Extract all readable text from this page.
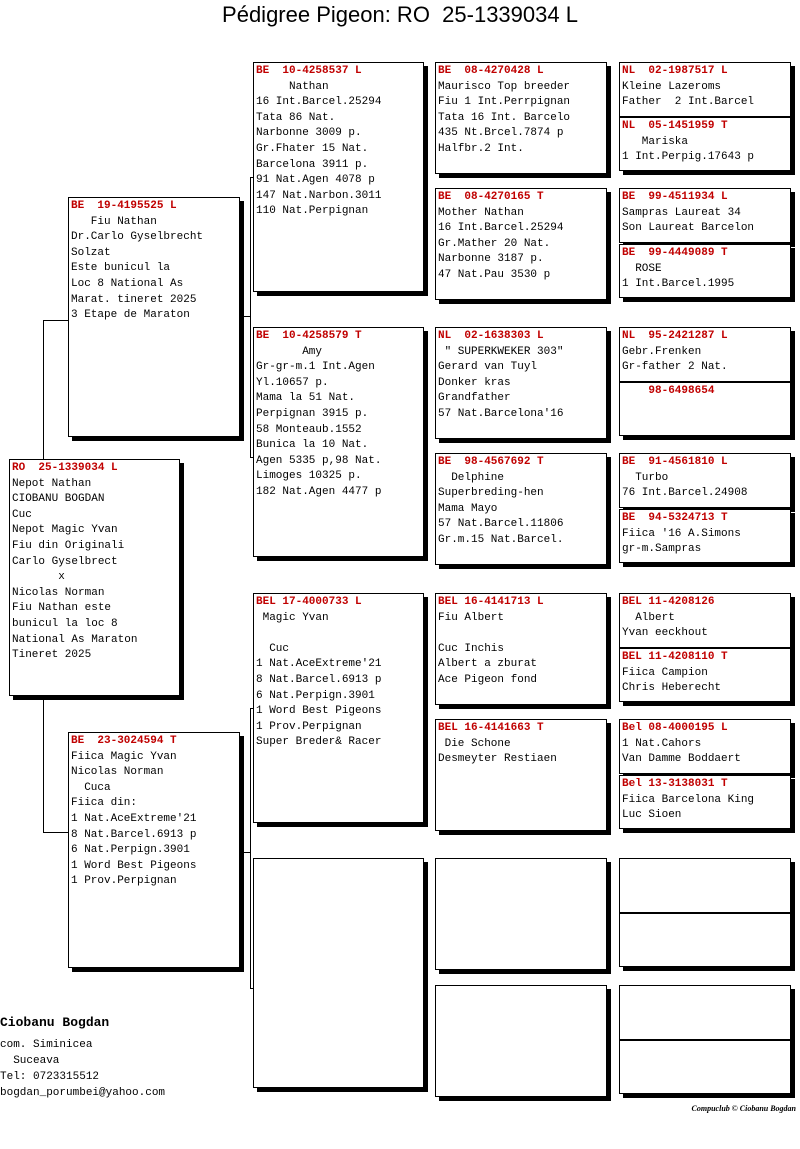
Pédigree Pigeon: RO  25-1339034 L
RO  25-1339034 L
Nepot Nathan
CIOBANU BOGDAN
Cuc
Nepot Magic Yvan
Fiu din Originali
Carlo Gyselbrect
x
Nicolas Norman
Fiu Nathan este
bunicul la loc 8
National As Maraton
Tineret 2025
BE  19-4195525 L
Fiu Nathan
Dr.Carlo Gyselbrecht
Solzat
Este bunicul la
Loc 8 National As
Marat. tineret 2025
3 Etape de Maraton
BE  23-3024594 T
Fiica Magic Yvan
Nicolas Norman
Cuca
Fiica din:
1 Nat.AceExtreme'21
8 Nat.Barcel.6913 p
6 Nat.Perpign.3901
1 Word Best Pigeons
1 Prov.Perpignan
BE  10-4258537 L
Nathan
16 Int.Barcel.25294
Tata 86 Nat.
Narbonne 3009 p.
Gr.Fhater 15 Nat.
Barcelona 3911 p.
91 Nat.Agen 4078 p
147 Nat.Narbon.3011
110 Nat.Perpignan
BE  10-4258579 T
Amy
Gr-gr-m.1 Int.Agen
Yl.10657 p.
Mama la 51 Nat.
Perpignan 3915 p.
58 Monteaub.1552
Bunica la 10 Nat.
Agen 5335 p,98 Nat.
Limoges 10325 p.
182 Nat.Agen 4477 p
BEL 17-4000733 L
Magic Yvan

Cuc
1 Nat.AceExtreme'21
8 Nat.Barcel.6913 p
6 Nat.Perpign.3901
1 Word Best Pigeons
1 Prov.Perpignan
Super Breder& Racer

BE  08-4270428 L
Maurisco Top breeder
Fiu 1 Int.Perrpignan
Tata 16 Int. Barcelo
435 Nt.Brcel.7874 p
Halfbr.2 Int.
BE  08-4270165 T
Mother Nathan
16 Int.Barcel.25294
Gr.Mather 20 Nat.
Narbonne 3187 p.
47 Nat.Pau 3530 p
NL  02-1638303 L
" SUPERKWEKER 303"
Gerard van Tuyl
Donker kras
Grandfather
57 Nat.Barcelona'16
BE  98-4567692 T
Delphine
Superbreding-hen
Mama Mayo
57 Nat.Barcel.11806
Gr.m.15 Nat.Barcel.
BEL 16-4141713 L
Fiu Albert

Cuc Inchis
Albert a zburat
Ace Pigeon fond
BEL 16-4141663 T
Die Schone
Desmeyter Restiaen

NL  02-1987517 L
Kleine Lazeroms
Father  2 Int.Barcel
NL  05-1451959 T
Mariska
1 Int.Perpig.17643 p
BE  99-4511934 L
Sampras Laureat 34
Son Laureat Barcelon
BE  99-4449089 T
ROSE
1 Int.Barcel.1995
NL  95-2421287 L
Gebr.Frenken
Gr-father 2 Nat.
98-6498654
BE  91-4561810 L
Turbo
76 Int.Barcel.24908
BE  94-5324713 T
Fiica '16 A.Simons
gr-m.Sampras
BEL 11-4208126
Albert
Yvan eeckhout
BEL 11-4208110 T
Fiica Campion
Chris Heberecht
Bel 08-4000195 L
1 Nat.Cahors
Van Damme Boddaert
Bel 13-3138031 T
Fiica Barcelona King
Luc Sioen

Ciobanu Bogdan
com. Siminicea
Suceava
Tel: 0723315512
bogdan_porumbei@yahoo.com
Compuclub © Ciobanu Bogdan
